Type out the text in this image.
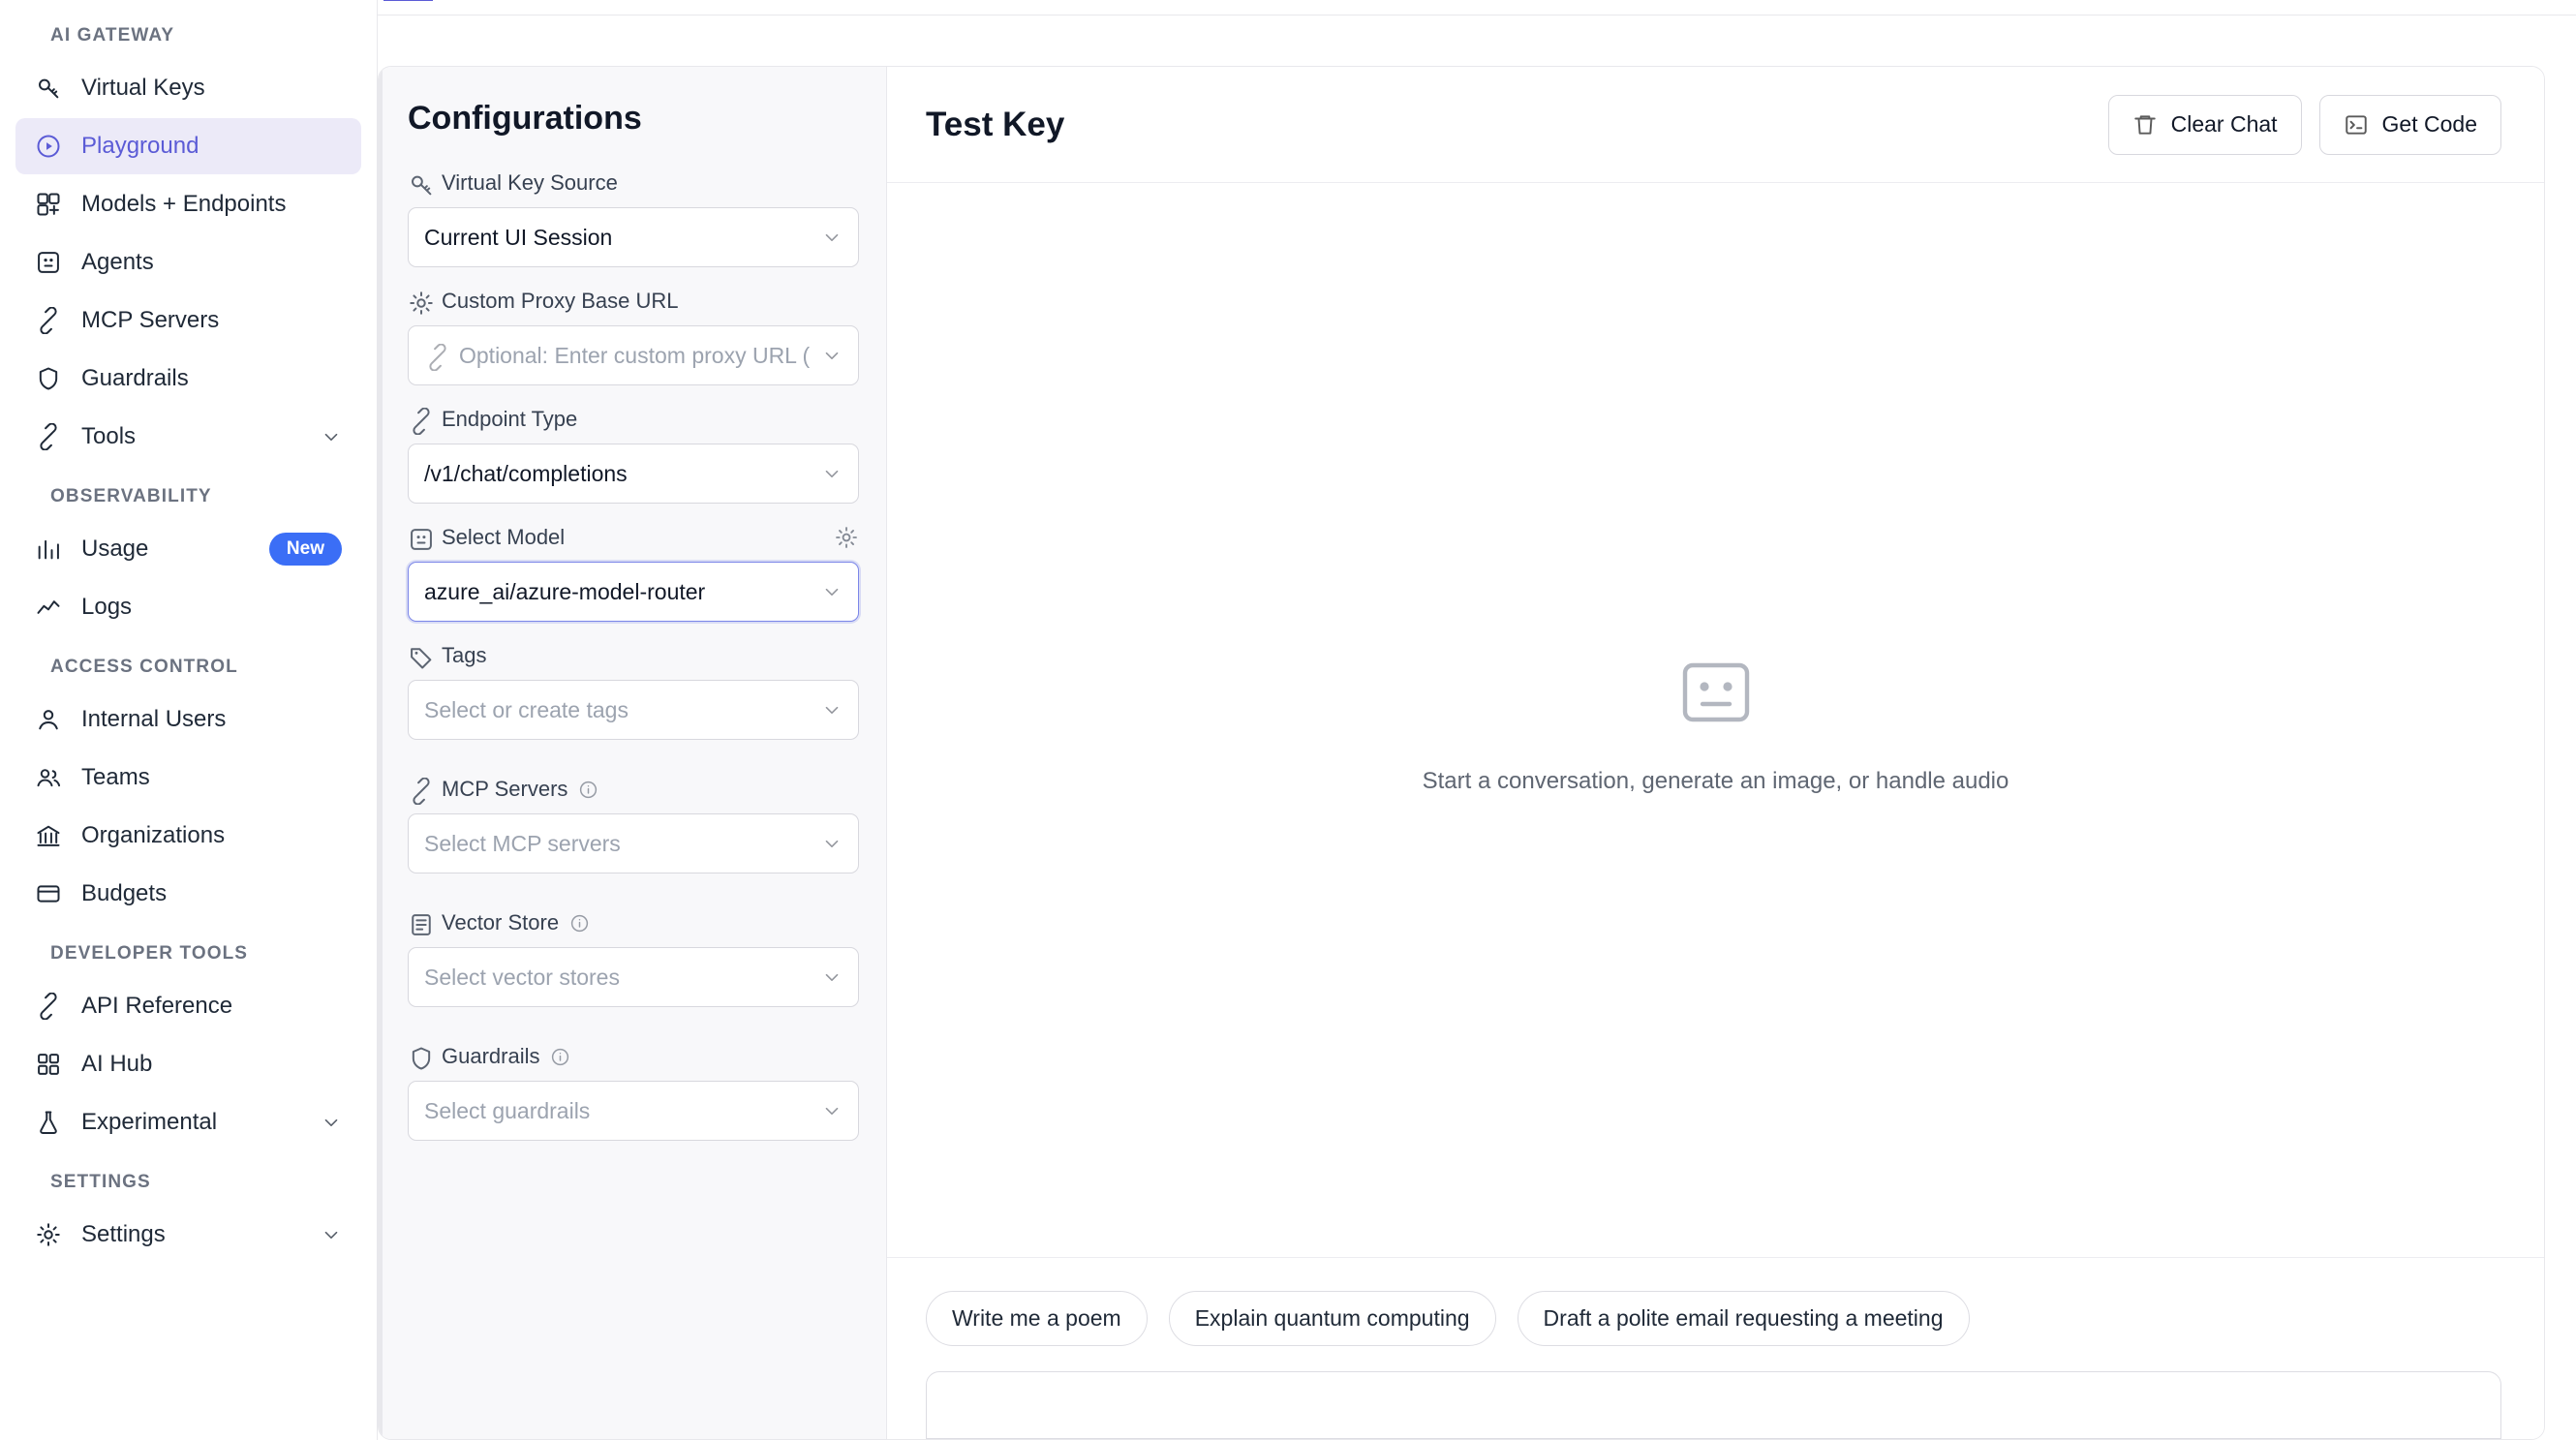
AI GATEWAY
Virtual Keys
Playground
Models + Endpoints
Agents
MCP Servers
Guardrails
Tools
OBSERVABILITY
Usage	New
Logs
ACCESS CONTROL
Internal Users
Teams
Organizations
Budgets
DEVELOPER TOOLS
API Reference
AI Hub
Experimental
SETTINGS
Settings
Configurations
Virtual Key Source
Current UI Session
Custom Proxy Base URL
Optional: Enter custom proxy URL (
Endpoint Type
/v1/chat/completions
Select Model
azure_ai/azure-model-router
Tags
Select or create tags
MCP Servers
Select MCP servers
Vector Store
Select vector stores
Guardrails
Select guardrails
Test Key	Clear Chat	Get Code
Start a conversation, generate an image, or handle audio
Write me a poem	Explain quantum computing	Draft a polite email requesting a meeting
